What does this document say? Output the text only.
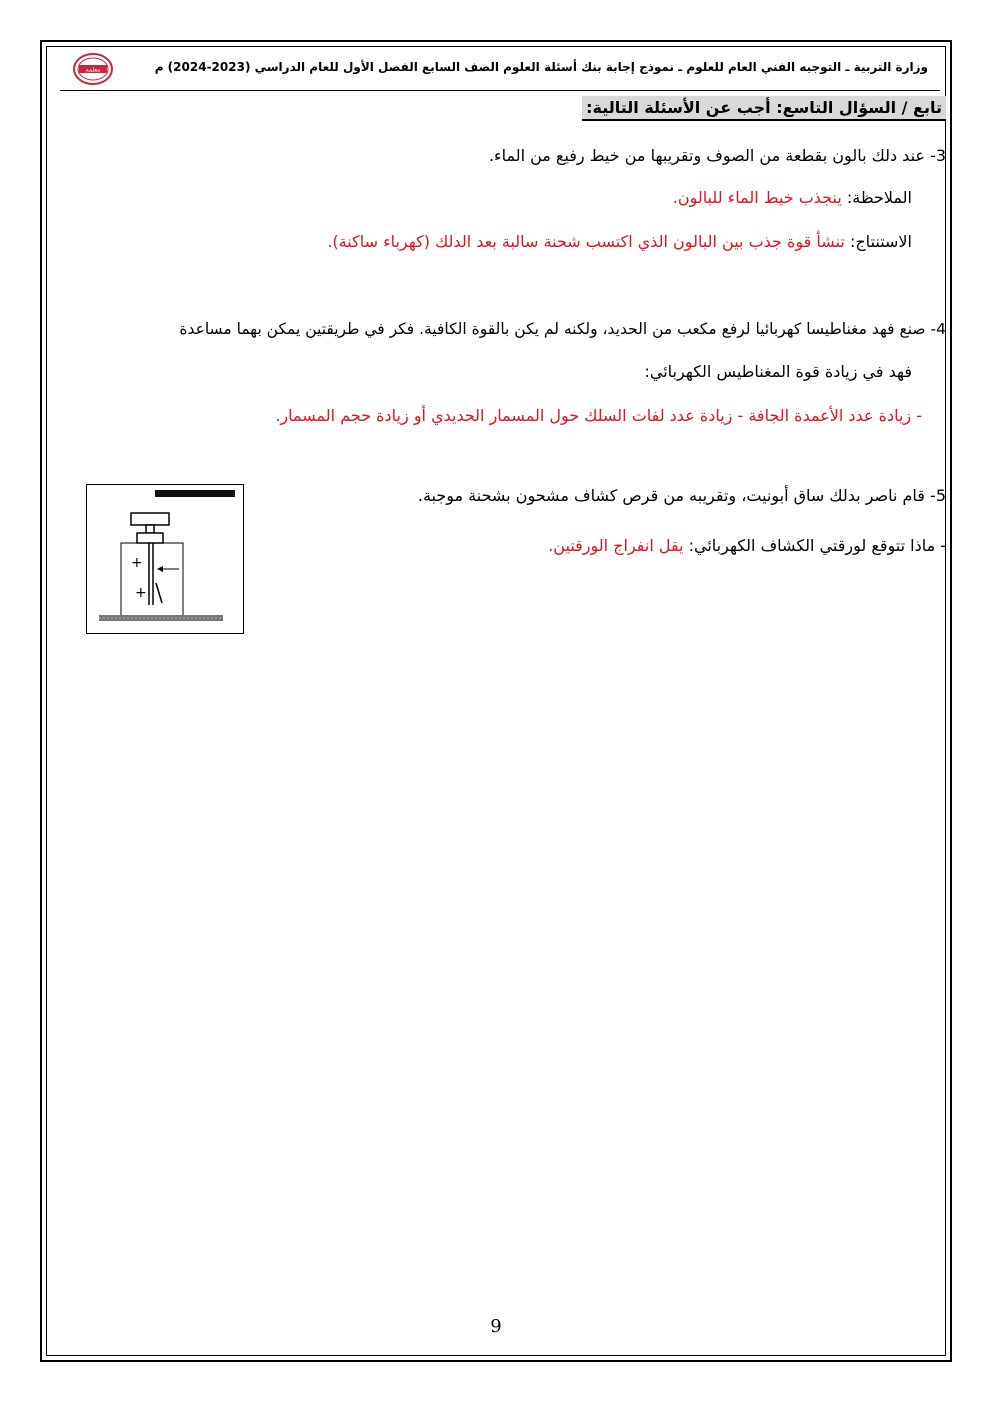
معلمه	وزارة التربية ـ التوجيه الفني العام للعلوم ـ نموذج إجابة بنك أسئلة العلوم الصف السابع الفصل الأول للعام الدراسي (2023-2024) م
تابع / السؤال التاسع: أجب عن الأسئلة التالية:
3- عند دلك بالون بقطعة من الصوف وتقريبها من خيط رفيع من الماء.
الملاحظة: ينجذب خيط الماء للبالون.
الاستنتاج: تنشأ قوة جذب بين البالون الذي اكتسب شحنة سالبة بعد الدلك (كهرباء ساكنة).
4- صنع فهد مغناطيسا كهربائيا لرفع مكعب من الحديد، ولكنه لم يكن بالقوة الكافية. فكر في طريقتين يمكن بهما مساعدة
فهد في زيادة قوة المغناطيس الكهربائي:
- زيادة عدد الأعمدة الجافة - زيادة عدد لفات السلك حول المسمار الحديدي أو زيادة حجم المسمار.
5- قام ناصر بدلك ساق أبونيت، وتقريبه من قرص كشاف مشحون بشحنة موجبة.
- ماذا تتوقع لورقتي الكشاف الكهربائي: يقل انفراج الورقتين.
+
+
9
